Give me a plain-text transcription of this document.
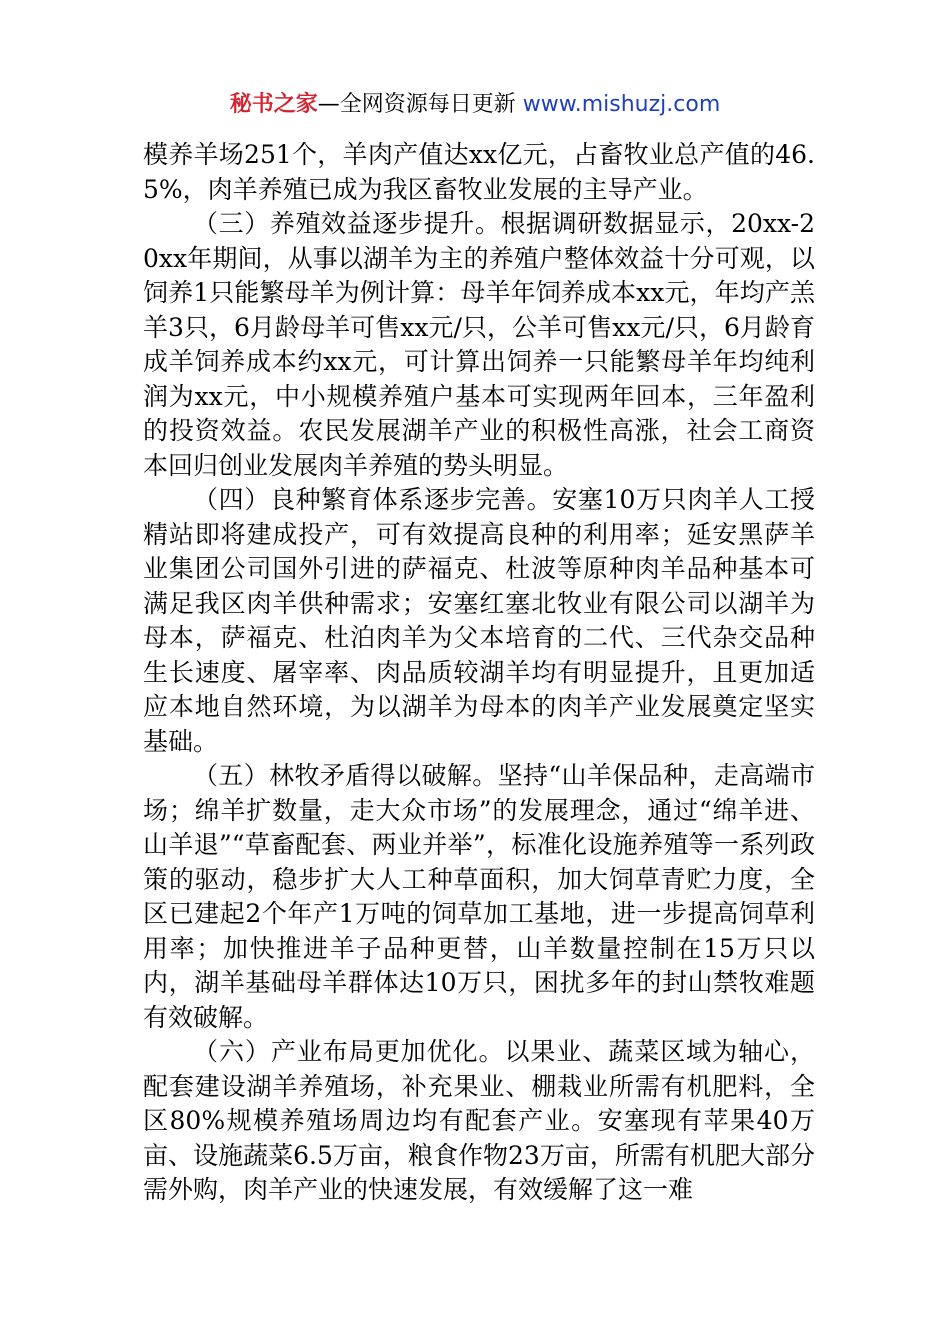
秘书之家—全网资源每日更新 www.mishuzj.com

模养羊场251个，羊肉产值达xx亿元，占畜牧业总产值的46.5%，肉羊养殖已成为我区畜牧业发展的主导产业。

（三）养殖效益逐步提升。根据调研数据显示，20xx-20xx年期间，从事以湖羊为主的养殖户整体效益十分可观，以饲养1只能繁母羊为例计算：母羊年饲养成本xx元，年均产羔羊3只，6月龄母羊可售xx元/只，公羊可售xx元/只，6月龄育成羊饲养成本约xx元，可计算出饲养一只能繁母羊年均纯利润为xx元，中小规模养殖户基本可实现两年回本，三年盈利的投资效益。农民发展湖羊产业的积极性高涨，社会工商资本回归创业发展肉羊养殖的势头明显。

（四）良种繁育体系逐步完善。安塞10万只肉羊人工授精站即将建成投产，可有效提高良种的利用率；延安黑萨羊业集团公司国外引进的萨福克、杜波等原种肉羊品种基本可满足我区肉羊供种需求；安塞红塞北牧业有限公司以湖羊为母本，萨福克、杜泊肉羊为父本培育的二代、三代杂交品种生长速度、屠宰率、肉品质较湖羊均有明显提升，且更加适应本地自然环境，为以湖羊为母本的肉羊产业发展奠定坚实基础。

（五）林牧矛盾得以破解。坚持“山羊保品种，走高端市场；绵羊扩数量，走大众市场”的发展理念，通过“绵羊进、山羊退”“草畜配套、两业并举”，标准化设施养殖等一系列政策的驱动，稳步扩大人工种草面积，加大饲草青贮力度，全区已建起2个年产1万吨的饲草加工基地，进一步提高饲草利用率；加快推进羊子品种更替，山羊数量控制在15万只以内，湖羊基础母羊群体达10万只，困扰多年的封山禁牧难题有效破解。

（六）产业布局更加优化。以果业、蔬菜区域为轴心，配套建设湖羊养殖场，补充果业、棚栽业所需有机肥料，全区80%规模养殖场周边均有配套产业。安塞现有苹果40万亩、设施蔬菜6.5万亩，粮食作物23万亩，所需有机肥大部分需外购，肉羊产业的快速发展，有效缓解了这一难
